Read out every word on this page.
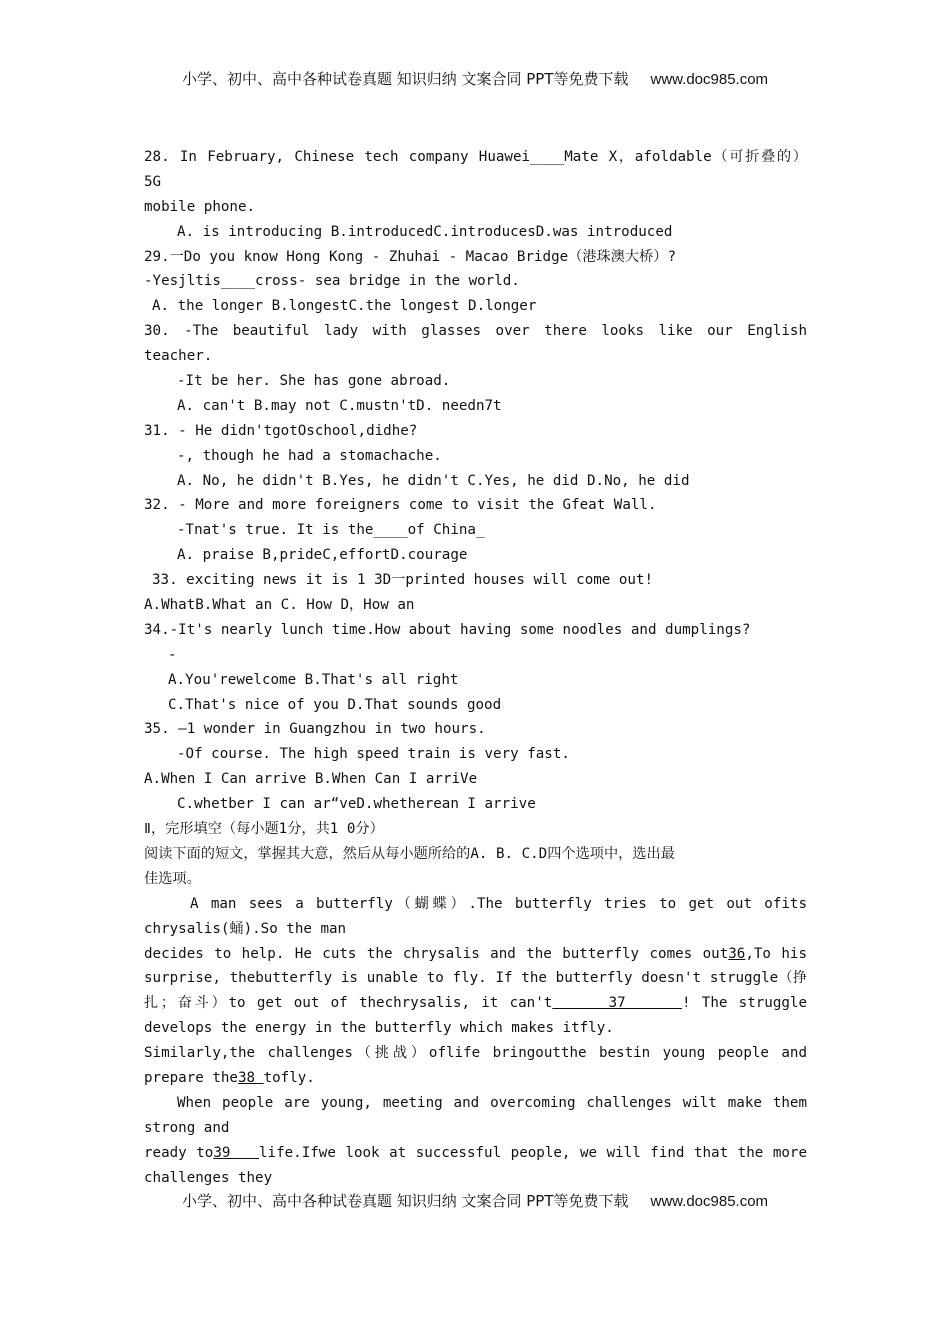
小学、初中、高中各种试卷真题 知识归纳 文案合同 PPT等免费下载 www.doc985.com
28. In February, Chinese tech company Huawei____Mate X，afoldable（可折叠的）
5G
mobile phone.
A. is introducing B.introducedC.introducesD.was introduced
29.一Do you know Hong Kong - Zhuhai - Macao Bridge（港珠澳大桥）?
-Yesjltis____cross- sea bridge in the world.
A. the longer B.longestC.the longest D.longer
30. -The beautiful lady with glasses over there looks like our English
teacher.
-It be her. She has gone abroad.
A. can't B.may not C.mustn'tD. needn7t
31. - He didn'tgotOschool,didhe?
-, though he had a stomachache.
A. No, he didn't B.Yes, he didn't C.Yes, he did D.No, he did
32. - More and more foreigners come to visit the Gfeat Wall.
-Tnat's true. It is the____of China_
A. praise B,prideC,effortD.courage
33. exciting news it is 1 3D一printed houses will come out!
A.WhatB.What an C. How D，How an
34.-It's nearly lunch time.How about having some noodles and dumplings?
-
A.You'rewelcome B.That's all right
C.That's nice of you D.That sounds good
35. —1 wonder in Guangzhou in two hours.
-Of course. The high speed train is very fast.
A.When I Can arrive B.When Can I arriVe
C.whetber I can ar“veD.whetherean I arrive
Ⅱ，完形填空（每小题1分，共1 0分）
阅读下面的短文，掌握其大意，然后从每小题所给的A. B. C.D四个选项中，选出最
佳选项。
A man sees a butterfly（蝴蝶）.The butterfly tries to get out ofits
chrysalis(蛹).So the man
decides to help. He cuts the chrysalis and the butterfly comes out36,To his
surprise, thebutterfly is unable to fly. If the butterfly doesn't struggle（挣
扎；奋斗）to get out of thechrysalis, it can't     37     ! The struggle
develops the energy in the butterfly which makes itfly.
Similarly,the challenges（挑战）oflife bringoutthe bestin young people and
prepare the38 tofly.
When people are young, meeting and overcoming challenges wilt make them
strong and
ready to39   life.Ifwe look at successful people, we will find that the more
challenges they
小学、初中、高中各种试卷真题 知识归纳 文案合同 PPT等免费下载 www.doc985.com
